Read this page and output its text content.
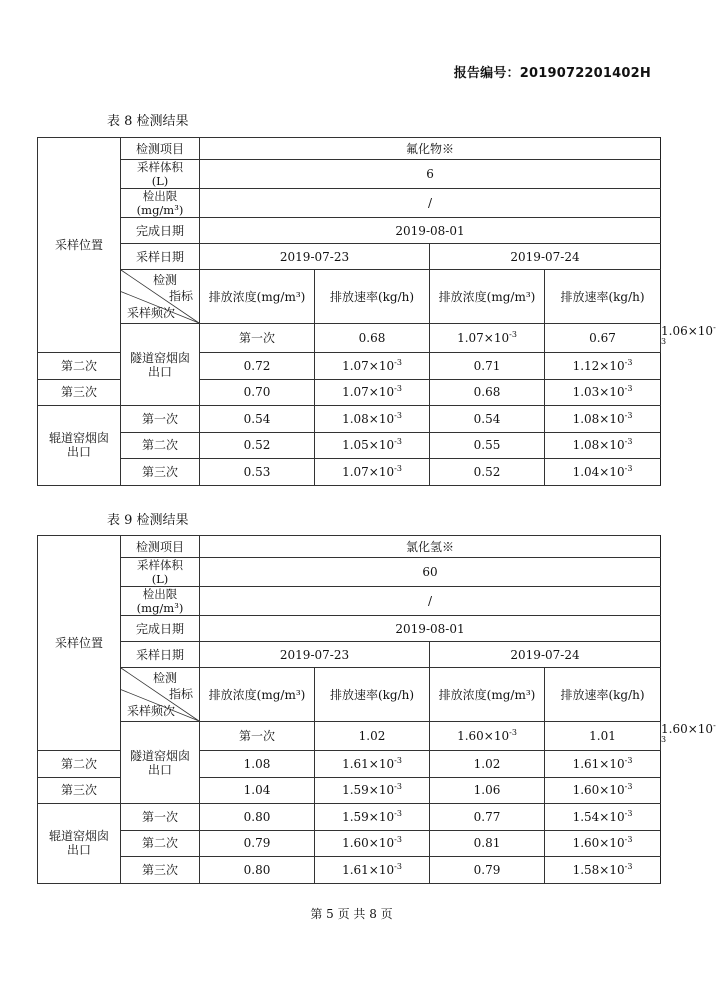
报告编号：2019072201402H
表 8 检测结果
采样位置	检测项目	氟化物※				
	采样体积
(L)	6				
	检出限
(mg/m³)	/				
	完成日期	2019-08-01				
	采样日期	2019-07-23		2019-07-24		

	检测
指标
采样频次	排放浓度(mg/m³)	排放速率(kg/h)	排放浓度(mg/m³)	排放速率(kg/h)	
	隧道窑烟囱
出口	第一次	0.68	$1.07\times 10^{-3}$	0.67	$1.06\times 10^{-3}$
第二次		0.72	$1.07\times 10^{-3}$	0.71	$1.12\times 10^{-3}$
第三次		0.70	$1.07\times 10^{-3}$	0.68	$1.03\times 10^{-3}$
辊道窑烟囱
出口	第一次	0.54	$1.08\times 10^{-3}$	0.54	$1.08\times 10^{-3}$
	第二次	0.52	$1.05\times 10^{-3}$	0.55	$1.08\times 10^{-3}$
	第三次	0.53	$1.07\times 10^{-3}$	0.52	$1.04\times 10^{-3}$
表 9 检测结果
采样位置	检测项目	氯化氢※				
	采样体积
(L)	60				
	检出限
(mg/m³)	/				
	完成日期	2019-08-01				
	采样日期	2019-07-23		2019-07-24		

	检测
指标
采样频次	排放浓度(mg/m³)	排放速率(kg/h)	排放浓度(mg/m³)	排放速率(kg/h)	
	隧道窑烟囱
出口	第一次	1.02	$1.60\times 10^{-3}$	1.01	$1.60\times 10^{-3}$
第二次		1.08	$1.61\times 10^{-3}$	1.02	$1.61\times 10^{-3}$
第三次		1.04	$1.59\times 10^{-3}$	1.06	$1.60\times 10^{-3}$
辊道窑烟囱
出口	第一次	0.80	$1.59\times 10^{-3}$	0.77	$1.54\times 10^{-3}$
	第二次	0.79	$1.60\times 10^{-3}$	0.81	$1.60\times 10^{-3}$
	第三次	0.80	$1.61\times 10^{-3}$	0.79	$1.58\times 10^{-3}$
第 5 页 共 8 页
